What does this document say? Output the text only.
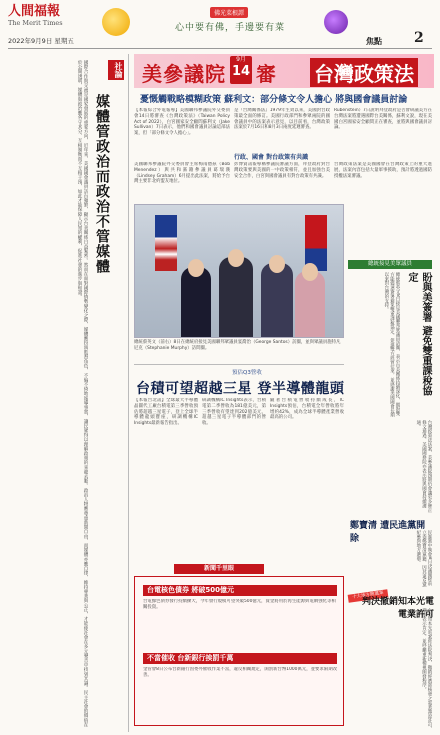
人間福報
The Merit Times
2022年9月9日 星期五
佛光菜根譚
心中要有佛，手邊要有菜
焦點 2
社論
媒體管政治而政治不管媒體
國際合作與交流是國家發展的重要方向，近年來，美國國會議員訪台頻繁，顯示台美關係日益緊密。然而在面對國際情勢變化之際，媒體應扮演監督角色，不偏不倚地報導事實，讓民眾得以理解政策的來龍去脈。政治人物應尊重新聞自由，而媒體亦應自律，維持專業與公正，才能使社會在多元聲音中找到共識。民主社會的價值在於公開透明，媒體與政治應各守其分，互相制衡而不互相干預，如此才能保障人民知的權利，促進社會的進步與和諧。	美參議院
9月
14 審 台灣政策法
憂慨觸戰略模糊政策 蘇利文：部分條文令人擔心 將與國會議員討論
【本報綜合外電報導】美國聯邦參議院外交委員會14日將審查《台灣政策法》（Taiwan Policy Act of 2022），白宮國家安全顧問蘇利文（Jake Sullivan）7日表示，他們和國會議員討論這部法案，但「部分條文令人擔心」。
是『台灣關係法』1979年生效以來，美國對台政策最全面的修訂。美國行政部門和參眾兩院的國會議員中的法案表示意見，以目前看，台灣政策法案於7月16日和8月3日兩度延遲審查。
Rubenstein）7日說明拜登政府是否會研議美方在台灣法案將遭遇國際台美關係，蘇利文說，現在美國白宮國家安全顧問正在審查，並將與國會議員討論。
行政、國會 對台政策有共識
美國聯邦參議院外交委員會主席梅南德茲（Bob Menendez）與共和黨籍參議員葛瑞漢（Lindsey Graham）6月提出此法案，將給予台灣主要非北約盟友地位。
彭博資訊報導稱參議院審議方面，拜登政府對台灣政策要與美國的一中政策相符，並且加強台美安全合作，白宮與國會議員有對台政策有共識。
台灣政策法案是美國國會在台灣政策上的重大進展，法案內容包括大量軍事援助，預計將透過國防授權法案審議。
總統蔡英文（前右）8日在總統府接見美國聯邦眾議員宴喬治（George Santos）訪團，並與眾議員施特凡尼克（Stephanie Murphy）訪問團。
總統接見美眾議員
盼與美簽署 避免雙重課稅協定
總統蔡英文8日接見美國聯邦眾議員訪團，表示台美關係持續深化，期盼雙方能儘速簽署避免雙重課稅協定，促進雙方經貿往來，並感謝美國國會長期以來對台灣的支持。
預估Q3營收
台積可望超越三星 登半導體龍頭
【本報台北訊】全球最大半導體晶圓代工廠台積電第三季營收預估將超越三星電子，登上全球半導體龍頭寶座，研調機構IC Insights最新報告指出。
研調機構IC Insights表示，台積電第二季營收為181億美元，第三季營收有望達到202億美元，超越三星電子半導體部門的營收。
隨著台積電營收持續成長，IC Insights預估，台積電全年營收將年增約42%，成為全球半導體產業營收最高的公司。
新聞千里眼
台電核色債券 將破500億元
台電綠色債券發行持續擴大，今年發行規模可望突破500億元，資金將用於再生能源與電網強化等相關投資。
不當催收 台新銀行挨罰千萬
金管會8日公布台新銀行因委外催收作業不當，違反相關規定，開罰新台幣1000萬元，並要求限期改善。
台灣政策法法案，美參議院預期仍會讓更多修正條文通過，美國國務院亦表示將與國會持續溝通。
鄭寶清 遭民進黨開除	民進黨中執會8日決議開除前立委鄭寶清黨籍，因其違反黨紀參與地方選舉。
十大地方賄選案
判決撤銷知本光電 電業許可
台東知本光電案經法院判決，撤銷經濟部核發之電業籌設許可，環團表示肯定，並呼籲重新檢視開發程序。
